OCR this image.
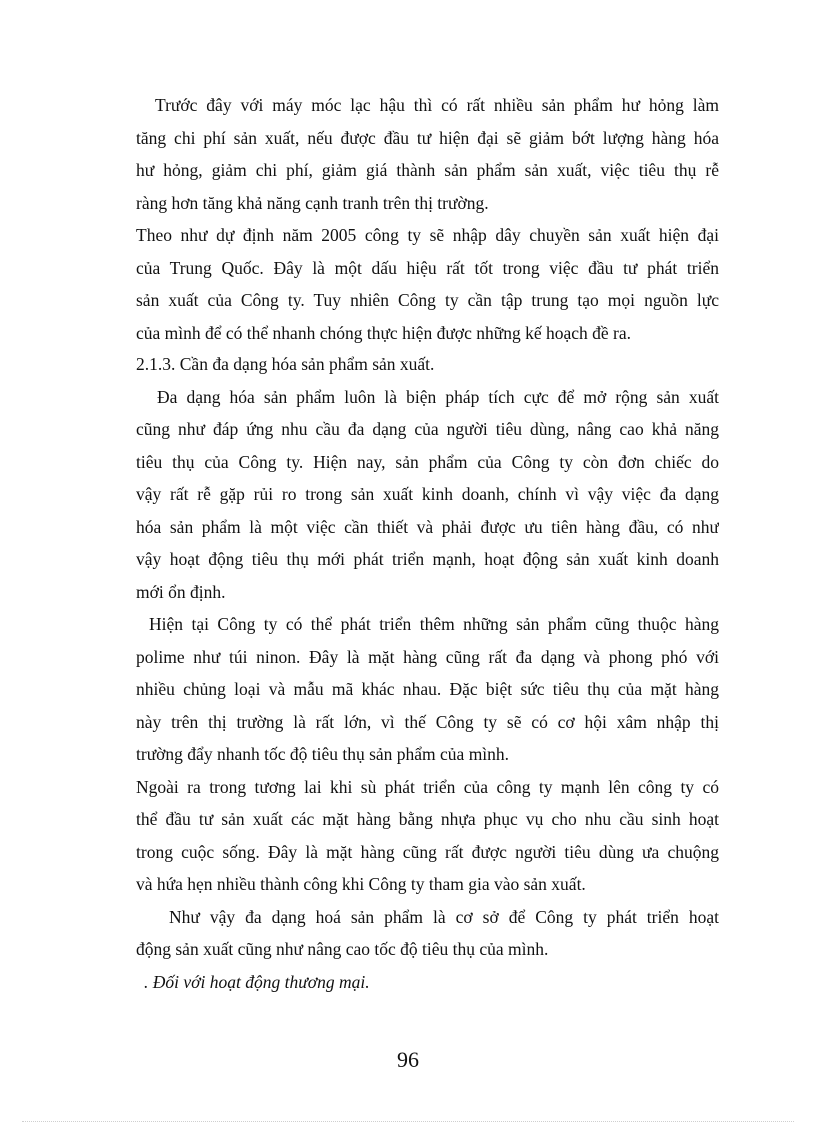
Trước đây với máy móc lạc hậu thì có rất nhiều sản phẩm hư hỏng làm
tăng chi phí sản xuất, nếu được đầu tư hiện đại sẽ giảm bớt lượng hàng hóa
hư hỏng, giảm chi phí, giảm giá thành sản phẩm sản xuất, việc tiêu thụ rễ
ràng hơn tăng khả năng cạnh tranh trên thị trường.
Theo như dự định năm 2005 công ty sẽ nhập dây chuyền sản xuất hiện đại
của Trung Quốc. Đây là một dấu hiệu rất tốt trong việc đầu tư phát triển
sản xuất của Công ty. Tuy nhiên Công ty cần tập trung tạo mọi nguồn lực
của mình để có thể nhanh chóng thực hiện được những kế hoạch đề ra.
2.1.3. Cần đa dạng hóa sản phẩm sản xuất.
Đa dạng hóa sản phẩm luôn là biện pháp tích cực để mở rộng sản xuất
cũng như đáp ứng nhu cầu đa dạng của người tiêu dùng, nâng cao khả năng
tiêu thụ của Công ty. Hiện nay, sản phẩm của Công ty còn đơn chiếc do
vậy rất rễ gặp rủi ro trong sản xuất kinh doanh, chính vì vậy việc đa dạng
hóa sản phẩm là một việc cần thiết và phải được ưu tiên hàng đầu, có như
vậy hoạt động tiêu thụ mới phát triển mạnh, hoạt động sản xuất kinh doanh
mới ổn định.
Hiện tại Công ty có thể phát triển thêm những sản phẩm cũng thuộc hàng
polime như túi ninon. Đây là mặt hàng cũng rất đa dạng và phong phó với
nhiều chủng loại và mẫu mã khác nhau. Đặc biệt sức tiêu thụ của mặt hàng
này trên thị trường là rất lớn, vì thế Công ty sẽ có cơ hội xâm nhập thị
trường đẩy nhanh tốc độ tiêu thụ sản phẩm của mình.
Ngoài ra trong tương lai khi sù phát triển của công ty mạnh lên công ty có
thể đầu tư sản xuất các mặt hàng bằng nhựa phục vụ cho nhu cầu sinh hoạt
trong cuộc sống. Đây là mặt hàng cũng rất được người tiêu dùng ưa chuộng
và hứa hẹn nhiều thành công khi Công ty tham gia vào sản xuất.
Như vậy đa dạng hoá sản phẩm là cơ sở để Công ty phát triển hoạt
động sản xuất cũng như nâng cao tốc độ tiêu thụ của mình.
. Đối với hoạt động thương mại.
96
